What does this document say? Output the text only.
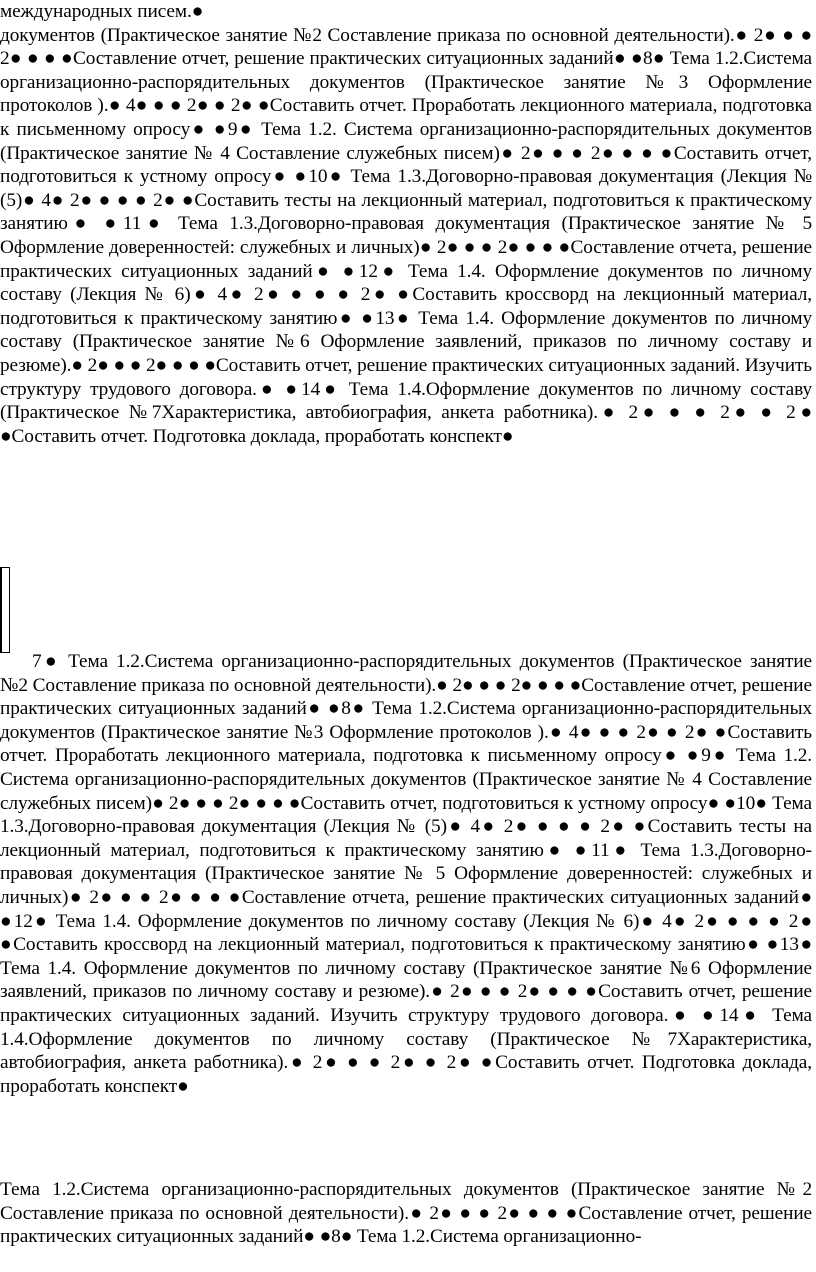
международных писем.●

документов (Практическое занятие №2 Составление приказа по основной деятельности).● 2● ● ● 2● ● ● ●Составление отчет, решение практических ситуационных заданий● ●8● Тема 1.2.Система организационно-распорядительных документов (Практическое занятие №3 Оформление протоколов ).● 4● ● ● 2● ● 2● ●Составить отчет. Проработать лекционного материала, подготовка к письменному опросу● ●9● Тема 1.2. Система организационно-распорядительных документов (Практическое занятие № 4 Составление служебных писем)● 2● ● ● 2● ● ● ●Составить отчет, подготовиться к устному опросу● ●10● Тема 1.3.Договорно-правовая документация (Лекция № (5)● 4● 2● ● ● ● 2● ●Составить тесты на лекционный материал, подготовиться к практическому занятию● ●11● Тема 1.3.Договорно-правовая документация (Практическое занятие № 5 Оформление доверенностей: служебных и личных)● 2● ● ● 2● ● ● ●Составление отчета, решение практических ситуационных заданий● ●12● Тема 1.4. Оформление документов по личному составу (Лекция № 6)● 4● 2● ● ● ● 2● ●Составить кроссворд на лекционный материал, подготовиться к практическому занятию● ●13● Тема 1.4. Оформление документов по личному составу (Практическое занятие №6 Оформление заявлений, приказов по личному составу и резюме).● 2● ● ● 2● ● ● ●Составить отчет, решение практических ситуационных заданий. Изучить структуру трудового договора.● ●14● Тема 1.4.Оформление документов по личному составу (Практическое №7Характеристика, автобиография, анкета работника).● 2● ● ● 2● ● 2● ●Составить отчет. Подготовка доклада, проработать конспект●

7● Тема 1.2.Система организационно-распорядительных документов (Практическое занятие №2 Составление приказа по основной деятельности).● 2● ● ● 2● ● ● ●Составление отчет, решение практических ситуационных заданий● ●8● Тема 1.2.Система организационно-распорядительных документов (Практическое занятие №3 Оформление протоколов ).● 4● ● ● 2● ● 2● ●Составить отчет. Проработать лекционного материала, подготовка к письменному опросу● ●9● Тема 1.2. Система организационно-распорядительных документов (Практическое занятие № 4 Составление служебных писем)● 2● ● ● 2● ● ● ●Составить отчет, подготовиться к устному опросу● ●10● Тема 1.3.Договорно-правовая документация (Лекция № (5)● 4● 2● ● ● ● 2● ●Составить тесты на лекционный материал, подготовиться к практическому занятию● ●11● Тема 1.3.Договорно-правовая документация (Практическое занятие № 5 Оформление доверенностей: служебных и личных)● 2● ● ● 2● ● ● ●Составление отчета, решение практических ситуационных заданий● ●12● Тема 1.4. Оформление документов по личному составу (Лекция № 6)● 4● 2● ● ● ● 2● ●Составить кроссворд на лекционный материал, подготовиться к практическому занятию● ●13● Тема 1.4. Оформление документов по личному составу (Практическое занятие №6 Оформление заявлений, приказов по личному составу и резюме).● 2● ● ● 2● ● ● ●Составить отчет, решение практических ситуационных заданий. Изучить структуру трудового договора.● ●14● Тема 1.4.Оформление документов по личному составу (Практическое №7Характеристика, автобиография, анкета работника).● 2● ● ● 2● ● 2● ●Составить отчет. Подготовка доклада, проработать конспект●

Тема 1.2.Система организационно-распорядительных документов (Практическое занятие №2 Составление приказа по основной деятельности).● 2● ● ● 2● ● ● ●Составление отчет, решение практических ситуационных заданий● ●8● Тема 1.2.Система организационно-
